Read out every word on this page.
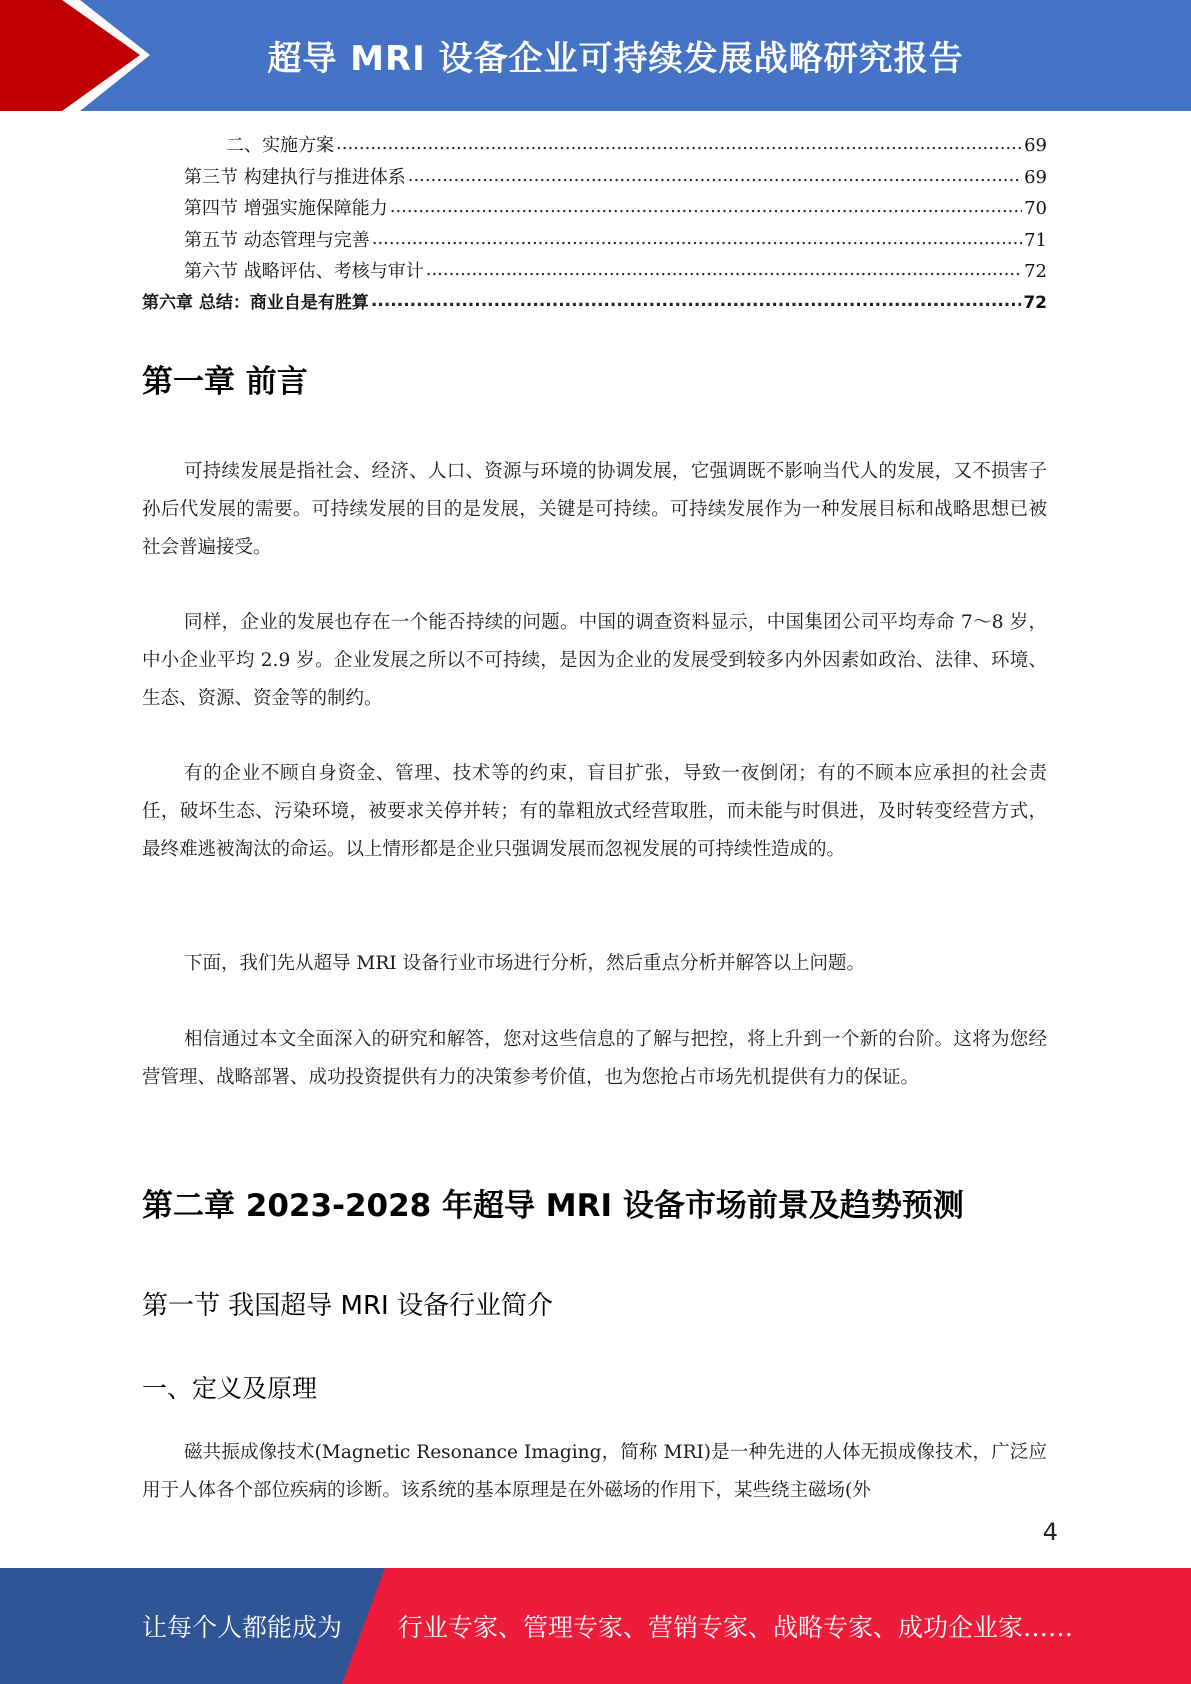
超导 MRI 设备企业可持续发展战略研究报告
二、实施方案 .....	69
第三节 构建执行与推进体系 .....	69
第四节 增强实施保障能力 .....	70
第五节 动态管理与完善 .....	71
第六节 战略评估、考核与审计 .....	72
第六章 总结：商业自是有胜算 .....	72
第一章 前言

可持续发展是指社会、经济、人口、资源与环境的协调发展，它强调既不影响当代人的发展，又不损害子孙后代发展的需要。可持续发展的目的是发展，关键是可持续。可持续发展作为一种发展目标和战略思想已被社会普遍接受。

同样，企业的发展也存在一个能否持续的问题。中国的调查资料显示，中国集团公司平均寿命 7～8 岁，中小企业平均 2.9 岁。企业发展之所以不可持续，是因为企业的发展受到较多内外因素如政治、法律、环境、生态、资源、资金等的制约。

有的企业不顾自身资金、管理、技术等的约束，盲目扩张，导致一夜倒闭；有的不顾本应承担的社会责任，破坏生态、污染环境，被要求关停并转；有的靠粗放式经营取胜，而未能与时俱进，及时转变经营方式，最终难逃被淘汰的命运。以上情形都是企业只强调发展而忽视发展的可持续性造成的。

下面，我们先从超导 MRI 设备行业市场进行分析，然后重点分析并解答以上问题。

相信通过本文全面深入的研究和解答，您对这些信息的了解与把控，将上升到一个新的台阶。这将为您经营管理、战略部署、成功投资提供有力的决策参考价值，也为您抢占市场先机提供有力的保证。

第二章 2023-2028 年超导 MRI 设备市场前景及趋势预测
第一节 我国超导 MRI 设备行业简介
一、定义及原理

磁共振成像技术(Magnetic Resonance Imaging，简称 MRI)是一种先进的人体无损成像技术，广泛应用于人体各个部位疾病的诊断。该系统的基本原理是在外磁场的作用下，某些绕主磁场(外

4
让每个人都能成为 行业专家、管理专家、营销专家、战略专家、成功企业家……
